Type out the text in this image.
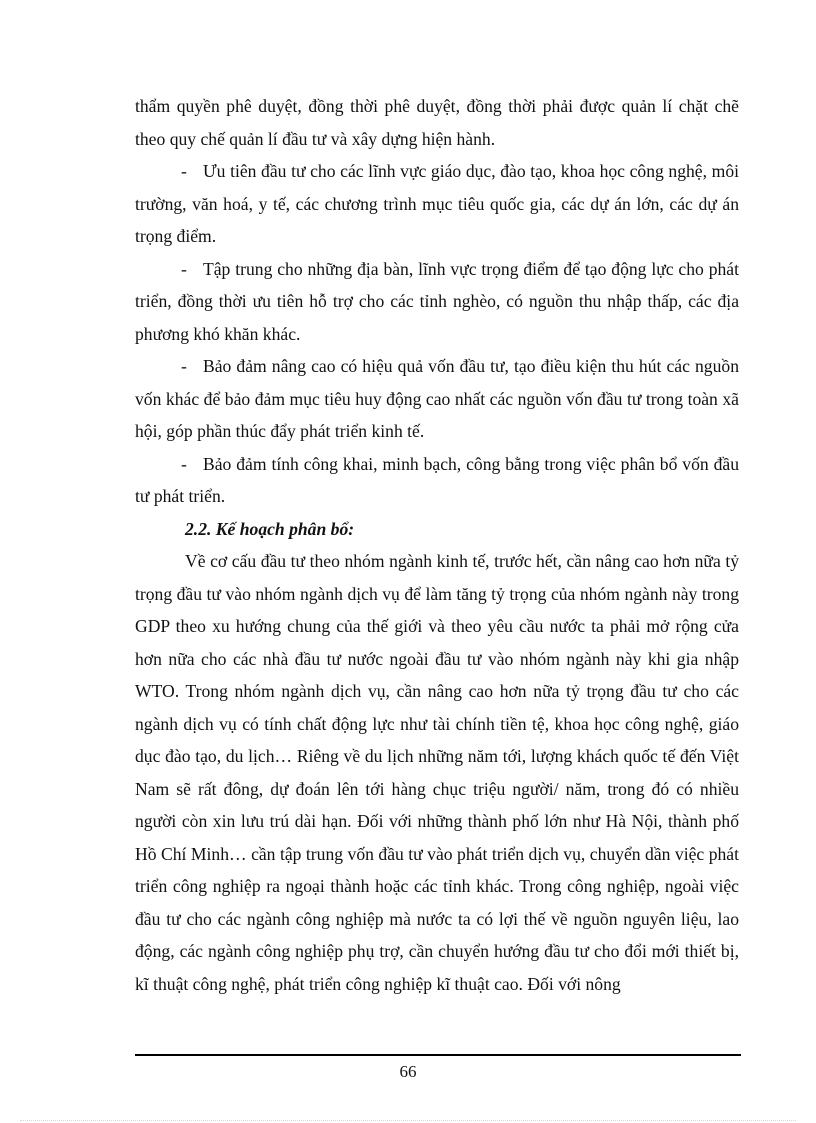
thẩm quyền phê duyệt, đồng thời phê duyệt, đồng thời phải được quản lí chặt chẽ theo quy chế quản lí đầu tư và xây dựng hiện hành.

- Ưu tiên đầu tư cho các lĩnh vực giáo dục, đào tạo, khoa học công nghệ, môi trường, văn hoá, y tế, các chương trình mục tiêu quốc gia, các dự án lớn, các dự án trọng điểm.

- Tập trung cho những địa bàn, lĩnh vực trọng điểm để tạo động lực cho phát triển, đồng thời ưu tiên hỗ trợ cho các tỉnh nghèo, có nguồn thu nhập thấp, các địa phương khó khăn khác.

- Bảo đảm nâng cao có hiệu quả vốn đầu tư, tạo điều kiện thu hút các nguồn vốn khác để bảo đảm mục tiêu huy động cao nhất các nguồn vốn đầu tư trong toàn xã hội, góp phần thúc đẩy phát triển kinh tế.

- Bảo đảm tính công khai, minh bạch, công bằng trong việc phân bổ vốn đầu tư phát triển.

2.2. Kế hoạch phân bổ:

Về cơ cấu đầu tư theo nhóm ngành kinh tế, trước hết, cần nâng cao hơn nữa tỷ trọng đầu tư vào nhóm ngành dịch vụ để làm tăng tỷ trọng của nhóm ngành này trong GDP theo xu hướng chung của thế giới và theo yêu cầu nước ta phải mở rộng cửa hơn nữa cho các nhà đầu tư nước ngoài đầu tư vào nhóm ngành này khi gia nhập WTO. Trong nhóm ngành dịch vụ, cần nâng cao hơn nữa tỷ trọng đầu tư cho các ngành dịch vụ có tính chất động lực như tài chính tiền tệ, khoa học công nghệ, giáo dục đào tạo, du lịch… Riêng về du lịch những năm tới, lượng khách quốc tế đến Việt Nam sẽ rất đông, dự đoán lên tới hàng chục triệu người/ năm, trong đó có nhiều người còn xin lưu trú dài hạn. Đối với những thành phố lớn như Hà Nội, thành phố Hồ Chí Minh… cần tập trung vốn đầu tư vào phát triển dịch vụ, chuyển dần việc phát triển công nghiệp ra ngoại thành hoặc các tỉnh khác. Trong công nghiệp, ngoài việc đầu tư cho các ngành công nghiệp mà nước ta có lợi thế về nguồn nguyên liệu, lao động, các ngành công nghiệp phụ trợ, cần chuyển hướng đầu tư cho đổi mới thiết bị, kĩ thuật công nghệ, phát triển công nghiệp kĩ thuật cao. Đối với nông

66
